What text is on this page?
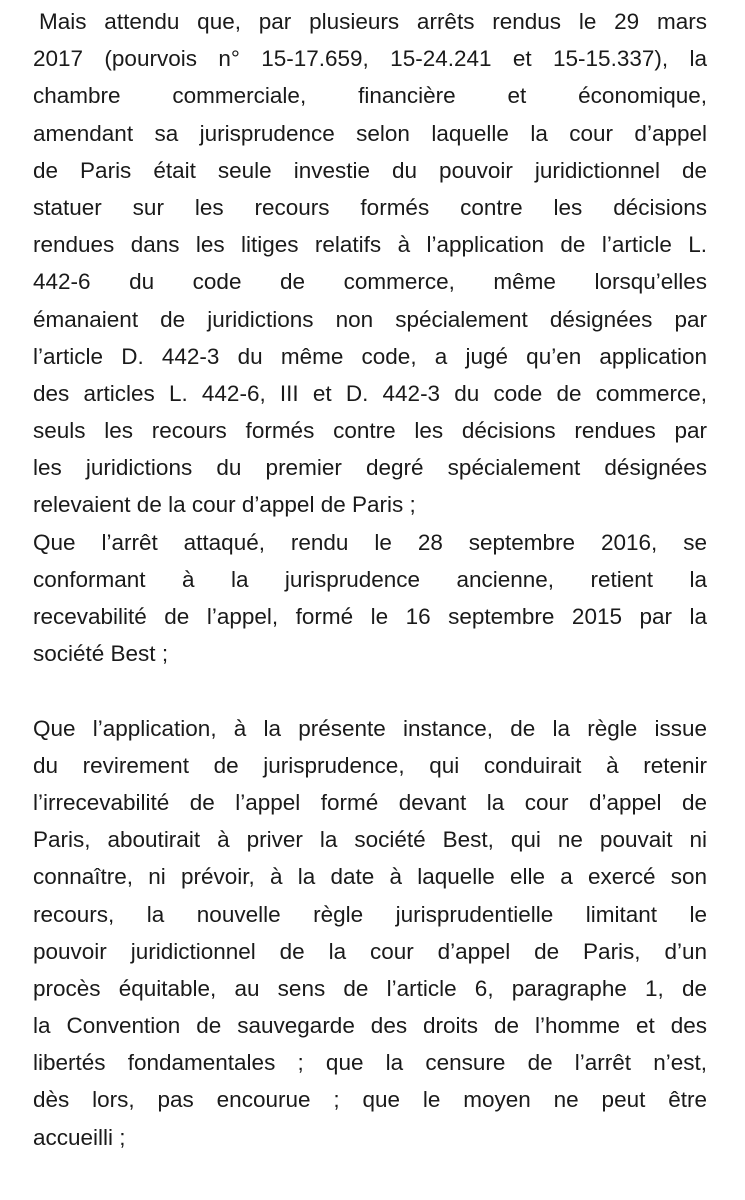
Mais attendu que, par plusieurs arrêts rendus le 29 mars
2017 (pourvois n° 15-17.659, 15-24.241 et 15-15.337), la
chambre commerciale, financière et économique,
amendant sa jurisprudence selon laquelle la cour d’appel
de Paris était seule investie du pouvoir juridictionnel de
statuer sur les recours formés contre les décisions
rendues dans les litiges relatifs à l’application de l’article L.
442-6 du code de commerce, même lorsqu’elles
émanaient de juridictions non spécialement désignées par
l’article D. 442-3 du même code, a jugé qu’en application
des articles L. 442-6, III et D. 442-3 du code de commerce,
seuls les recours formés contre les décisions rendues par
les juridictions du premier degré spécialement désignées
relevaient de la cour d’appel de Paris ;
Que l’arrêt attaqué, rendu le 28 septembre 2016, se
conformant à la jurisprudence ancienne, retient la
recevabilité de l’appel, formé le 16 septembre 2015 par la
société Best ;
Que l’application, à la présente instance, de la règle issue
du revirement de jurisprudence, qui conduirait à retenir
l’irrecevabilité de l’appel formé devant la cour d’appel de
Paris, aboutirait à priver la société Best, qui ne pouvait ni
connaître, ni prévoir, à la date à laquelle elle a exercé son
recours, la nouvelle règle jurisprudentielle limitant le
pouvoir juridictionnel de la cour d’appel de Paris, d’un
procès équitable, au sens de l’article 6, paragraphe 1, de
la Convention de sauvegarde des droits de l’homme et des
libertés fondamentales ; que la censure de l’arrêt n’est,
dès lors, pas encourue ; que le moyen ne peut être
accueilli ;
